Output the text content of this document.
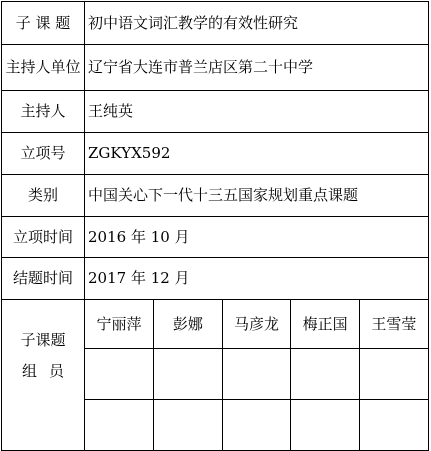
子 课 题	初中语文词汇教学的有效性研究
主持人单位	辽宁省大连市普兰店区第二十中学
主持人	王纯英
立项号	ZGKYX592
类别	中国关心下一代十三五国家规划重点课题
立项时间	2016 年 10 月
结题时间	2017 年 12 月

子课题
组员

宁丽萍	彭娜	马彦龙	梅正国	王雪莹
